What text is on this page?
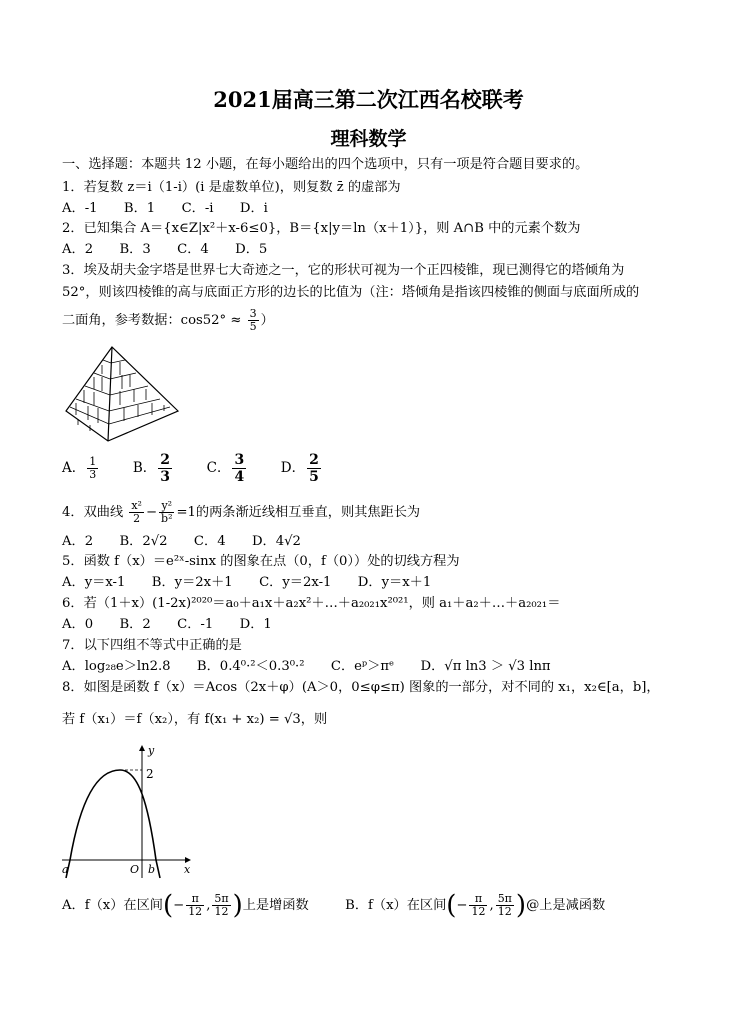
2021届高三第二次江西名校联考
理科数学
一、选择题：本题共 12 小题，在每小题给出的四个选项中，只有一项是符合题目要求的。
1．若复数 z＝i（1-i）(i 是虚数单位)，则复数 z̄ 的虚部为
A．-1　　B．1　　C．-i　　D．i
2．已知集合 A＝{x∈Z|x²＋x-6≤0}，B＝{x|y＝ln（x＋1）}，则 A∩B 中的元素个数为
A．2　　B．3　　C．4　　D．5
3．埃及胡夫金字塔是世界七大奇迹之一，它的形状可视为一个正四棱锥，现已测得它的塔倾角为
52°，则该四棱锥的高与底面正方形的边长的比值为（注：塔倾角是指该四棱锥的侧面与底面所成的
二面角，参考数据：$\cos 52^\circ \approx \frac{3}{5}$ ）
A． $\frac{1}{3}$	B． $\frac{2}{3}$	C． $\frac{3}{4}$	D． $\frac{2}{5}$
4．双曲线 $\frac{\text{x²}}{2} - \frac{\text{y²}}{\text{b²}} =1$的两条渐近线相互垂直，则其焦距长为
A．2　　B．2√2　　C．4　　D．4√2
5．函数 f（x）＝e²ˣ-sinx 的图象在点（0，f（0））处的切线方程为
A．y＝x-1　　B．y＝2x＋1　　C．y＝2x-1　　D．y＝x＋1
6．若（1＋x）(1-2x)²⁰²⁰＝a₀＋a₁x＋a₂x²＋…＋a₂₀₂₁x²⁰²¹，则 a₁＋a₂＋…＋a₂₀₂₁＝
A．0　　B．2　　C．-1　　D．1
7．以下四组不等式中正确的是
A．log₂₈e＞ln2.8　　B．0.4⁰·²＜0.3⁰·²　　C．eᵖ＞πᵉ　　D．√π ln3 ＞ √3 lnπ
8．如图是函数 f（x）＝Acos（2x＋φ）(A＞0，0≤φ≤π) 图象的一部分，对不同的 x₁，x₂∈[a，b]，
若 f（x₁）＝f（x₂），有 f(x₁ + x₂) = √3，则
2
y
x
a	O b
A．f（x）在区间(− $\frac{\pi}{12}$ , $\frac{5\pi}{12}$ )上是增函数	B．f（x）在区间(− $\frac{\pi}{12}$ , $\frac{5\pi}{12}$ )@上是减函数
